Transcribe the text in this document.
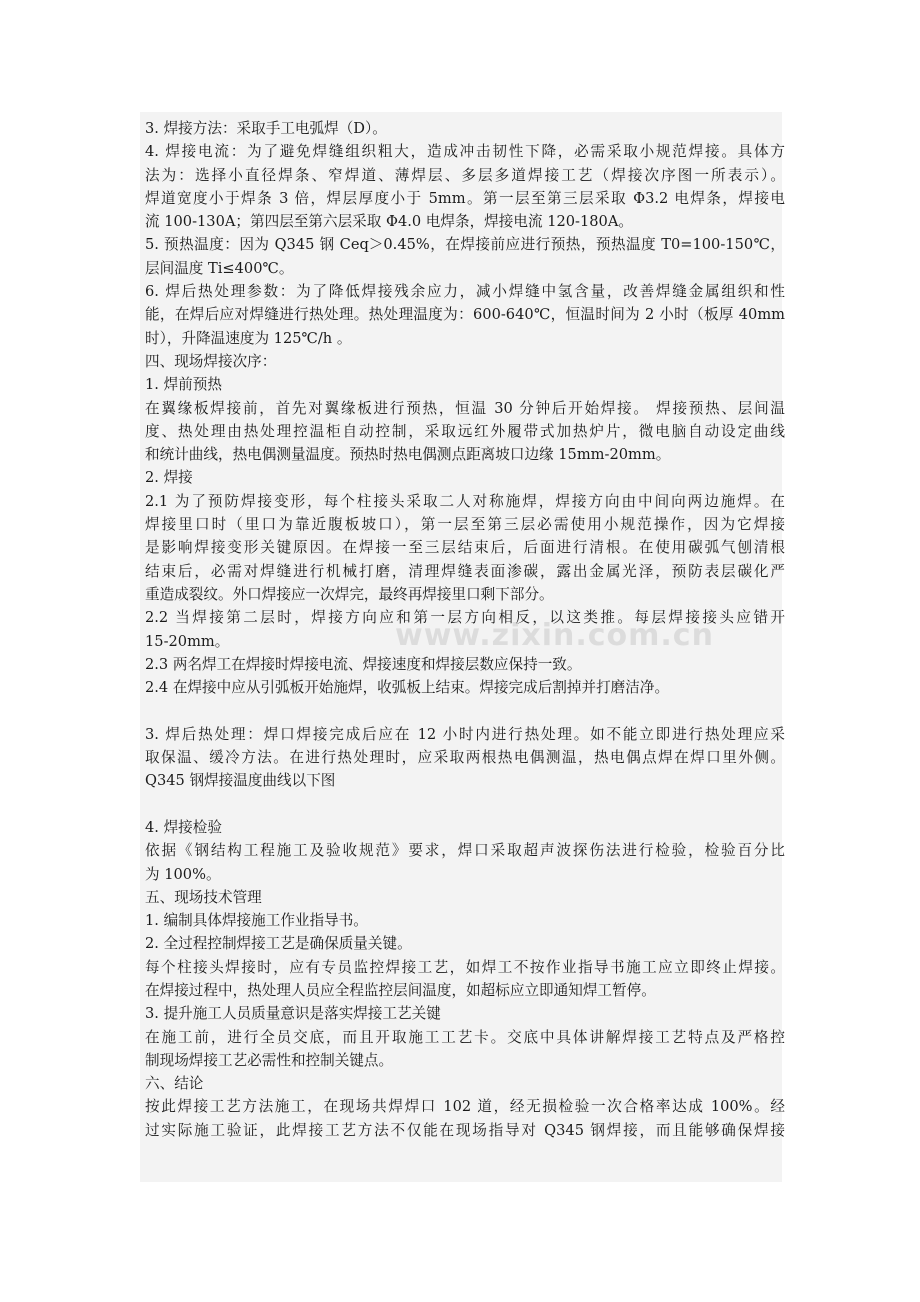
3. 焊接方法：采取手工电弧焊（D）。

4. 焊接电流：为了避免焊缝组织粗大，造成冲击韧性下降，必需采取小规范焊接。具体方

法为：选择小直径焊条、窄焊道、薄焊层、多层多道焊接工艺（焊接次序图一所表示）。

焊道宽度小于焊条 3 倍，焊层厚度小于 5mm。第一层至第三层采取 Φ3.2 电焊条，焊接电

流 100-130A；第四层至第六层采取 Φ4.0 电焊条，焊接电流 120-180A。

5. 预热温度：因为 Q345 钢 Ceq＞0.45%，在焊接前应进行预热，预热温度 T0=100-150℃，

层间温度 Ti≤400℃。

6. 焊后热处理参数：为了降低焊接残余应力，减小焊缝中氢含量，改善焊缝金属组织和性

能，在焊后应对焊缝进行热处理。热处理温度为：600-640℃，恒温时间为 2 小时（板厚 40mm

时），升降温速度为 125℃/h 。

四、现场焊接次序：

1. 焊前预热

在翼缘板焊接前，首先对翼缘板进行预热，恒温 30 分钟后开始焊接。 焊接预热、层间温

度、热处理由热处理控温柜自动控制，采取远红外履带式加热炉片，微电脑自动设定曲线

和统计曲线，热电偶测量温度。预热时热电偶测点距离坡口边缘 15mm-20mm。

2. 焊接

2.1 为了预防焊接变形，每个柱接头采取二人对称施焊，焊接方向由中间向两边施焊。在

焊接里口时（里口为靠近腹板坡口），第一层至第三层必需使用小规范操作，因为它焊接

是影响焊接变形关键原因。在焊接一至三层结束后，后面进行清根。在使用碳弧气刨清根

结束后，必需对焊缝进行机械打磨，清理焊缝表面渗碳，露出金属光泽，预防表层碳化严

重造成裂纹。外口焊接应一次焊完，最终再焊接里口剩下部分。

2.2 当焊接第二层时，焊接方向应和第一层方向相反，以这类推。每层焊接接头应错开

15-20mm。

2.3 两名焊工在焊接时焊接电流、焊接速度和焊接层数应保持一致。

2.4 在焊接中应从引弧板开始施焊，收弧板上结束。焊接完成后割掉并打磨洁净。

3. 焊后热处理：焊口焊接完成后应在 12 小时内进行热处理。如不能立即进行热处理应采

取保温、缓冷方法。在进行热处理时，应采取两根热电偶测温，热电偶点焊在焊口里外侧。

Q345 钢焊接温度曲线以下图

4. 焊接检验

依据《钢结构工程施工及验收规范》要求，焊口采取超声波探伤法进行检验，检验百分比

为 100%。

五、现场技术管理

1. 编制具体焊接施工作业指导书。

2. 全过程控制焊接工艺是确保质量关键。

每个柱接头焊接时，应有专员监控焊接工艺，如焊工不按作业指导书施工应立即终止焊接。

在焊接过程中，热处理人员应全程监控层间温度，如超标应立即通知焊工暂停。

3. 提升施工人员质量意识是落实焊接工艺关键

在施工前，进行全员交底，而且开取施工工艺卡。交底中具体讲解焊接工艺特点及严格控

制现场焊接工艺必需性和控制关键点。

六、结论

按此焊接工艺方法施工，在现场共焊焊口 102 道，经无损检验一次合格率达成 100%。经

过实际施工验证，此焊接工艺方法不仅能在现场指导对 Q345 钢焊接，而且能够确保焊接

www.zixin.com.cn
